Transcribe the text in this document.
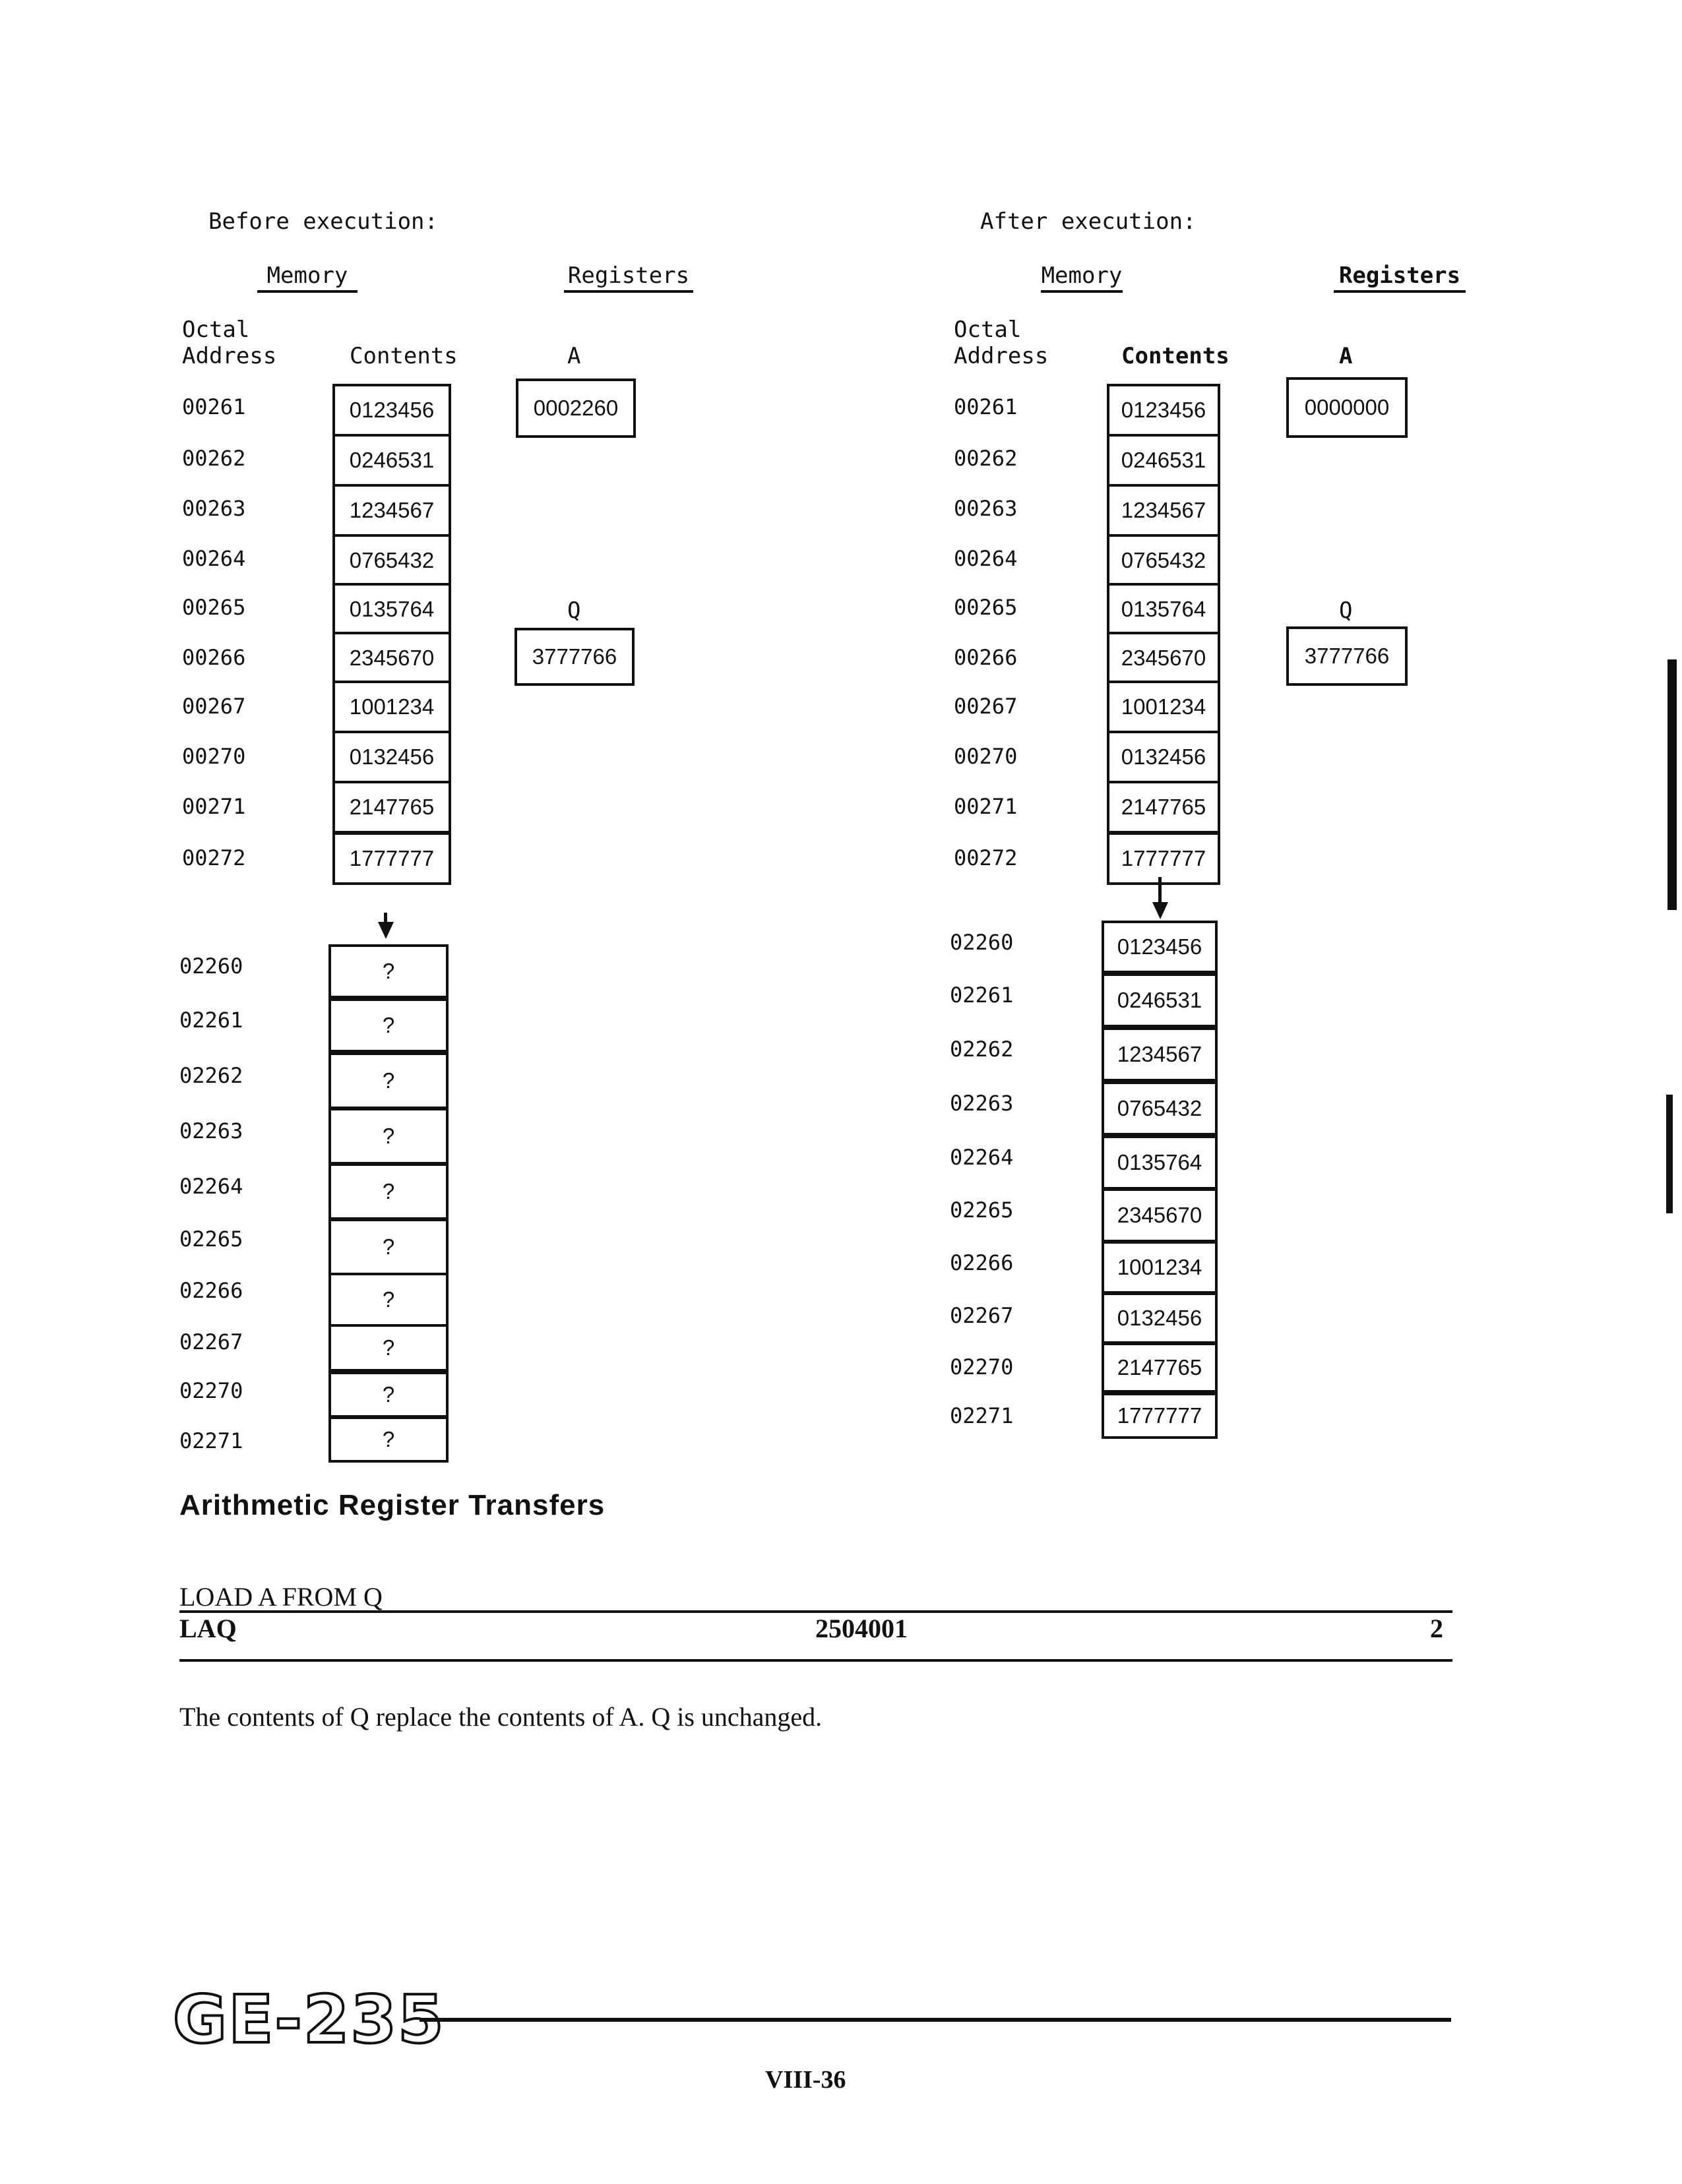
Before execution:
Memory	Registers
Octal
Address	Contents	A
0002260
Q
3777766
00261	0123456
00262	0246531
00263	1234567
00264	0765432
00265	0135764
00266	2345670
00267	1001234
00270	0132456
00271	2147765
00272	1777777
02260	?
02261	?
02262	?
02263	?
02264	?
02265	?
02266	?
02267	?
02270	?
02271	?
After execution:
Memory	Registers
Octal
Address	Contents	A
0000000
Q
3777766
00261	0123456
00262	0246531
00263	1234567
00264	0765432
00265	0135764
00266	2345670
00267	1001234
00270	0132456
00271	2147765
00272	1777777
02260	0123456
02261	0246531
02262	1234567
02263	0765432
02264	0135764
02265	2345670
02266	1001234
02267	0132456
02270	2147765
02271	1777777
Arithmetic Register Transfers
LOAD A FROM Q
LAQ	2504001	2
The contents of Q replace the contents of A. Q is unchanged.
GE-235
VIII-36
